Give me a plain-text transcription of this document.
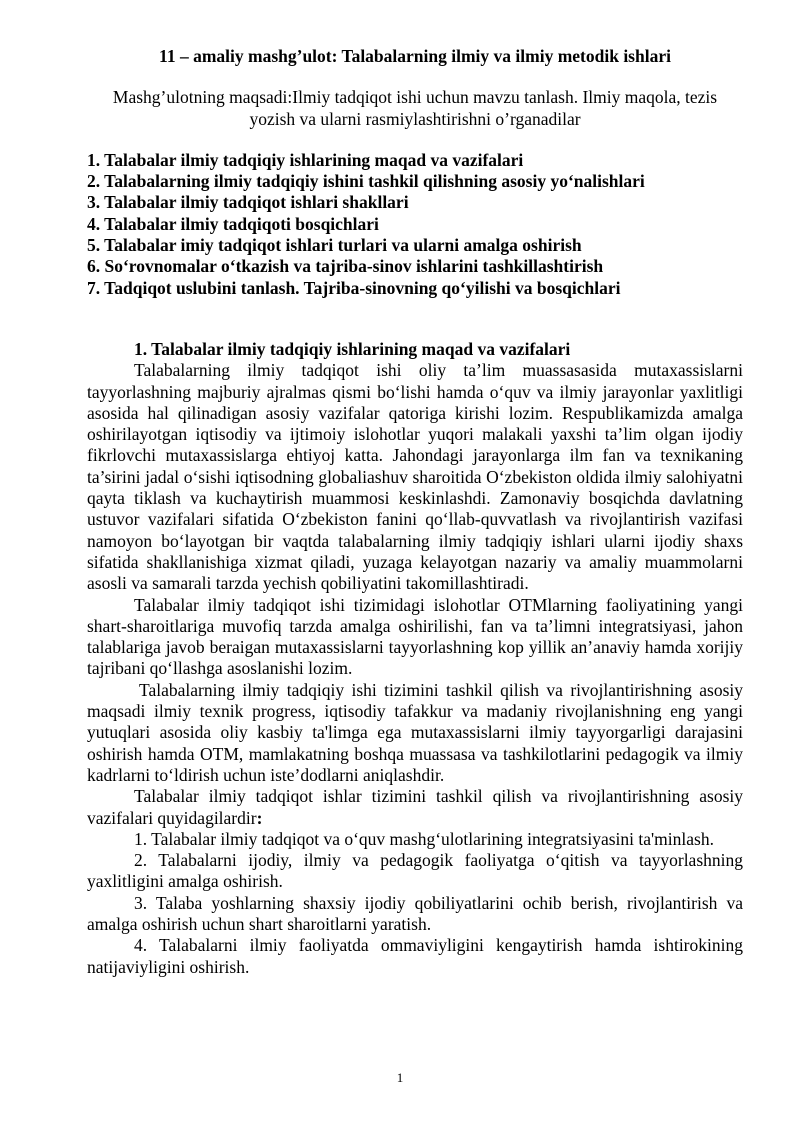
11 – amaliy mashg’ulot: Talabalarning ilmiy va ilmiy metodik ishlari
Mashg’ulotning maqsadi:Ilmiy tadqiqot ishi uchun mavzu tanlash. Ilmiy maqola, tezis yozish va ularni rasmiylashtirishni o’rganadilar
1. Talabalar ilmiy tadqiqiy ishlarining maqad va vazifalari
2. Talabalarning ilmiy tadqiqiy ishini tashkil qilishning asosiy yo‘nalishlari
3. Talabalar ilmiy tadqiqot ishlari shakllari
4. Talabalar ilmiy tadqiqoti bosqichlari
5. Talabalar imiy tadqiqot ishlari turlari va ularni amalga oshirish
6. So‘rovnomalar o‘tkazish va tajriba-sinov ishlarini tashkillashtirish
7. Tadqiqot uslubini tanlash. Tajriba-sinovning qo‘yilishi va bosqichlari
1. Talabalar ilmiy tadqiqiy ishlarining maqad va vazifalari

Talabalarning ilmiy tadqiqot ishi oliy ta’lim muassasasida mutaxassislarni tayyorlashning majburiy ajralmas qismi bo‘lishi hamda o‘quv va ilmiy jarayonlar yaxlitligi asosida hal qilinadigan asosiy vazifalar qatoriga kirishi lozim. Respublikamizda amalga oshirilayotgan iqtisodiy va ijtimoiy islohotlar yuqori malakali yaxshi ta’lim olgan ijodiy fikrlovchi mutaxassislarga ehtiyoj katta. Jahondagi jarayonlarga ilm fan va texnikaning ta’sirini jadal o‘sishi iqtisodning globaliashuv sharoitida O‘zbekiston oldida ilmiy salohiyatni qayta tiklash va kuchaytirish muammosi keskinlashdi. Zamonaviy bosqichda davlatning ustuvor vazifalari sifatida O‘zbekiston fanini qo‘llab-quvvatlash va rivojlantirish vazifasi namoyon bo‘layotgan bir vaqtda talabalarning ilmiy tadqiqiy ishlari ularni ijodiy shaxs sifatida shakllanishiga xizmat qiladi, yuzaga kelayotgan nazariy va amaliy muammolarni asosli va samarali tarzda yechish qobiliyatini takomillashtiradi.

Talabalar ilmiy tadqiqot ishi tizimidagi islohotlar OTMlarning faoliyatining yangi shart-sharoitlariga muvofiq tarzda amalga oshirilishi, fan va ta’limni integratsiyasi, jahon talablariga javob beraigan mutaxassislarni tayyorlashning kop yillik an’anaviy hamda xorijiy tajribani qo‘llashga asoslanishi lozim.

Talabalarning ilmiy tadqiqiy ishi tizimini tashkil qilish va rivojlantirishning asosiy maqsadi ilmiy texnik progress, iqtisodiy tafakkur va madaniy rivojlanishning eng yangi yutuqlari asosida oliy kasbiy ta'limga ega mutaxassislarni ilmiy tayyorgarligi darajasini oshirish hamda OTM, mamlakatning boshqa muassasa va tashkilotlarini pedagogik va ilmiy kadrlarni to‘ldirish uchun iste’dodlarni aniqlashdir.

Talabalar ilmiy tadqiqot ishlar tizimini tashkil qilish va rivojlantirishning asosiy vazifalari quyidagilardir:

1. Talabalar ilmiy tadqiqot va o‘quv mashg‘ulotlarining integratsiyasini ta'minlash.

2. Talabalarni ijodiy, ilmiy va pedagogik faoliyatga o‘qitish va tayyorlashning yaxlitligini amalga oshirish.

3. Talaba yoshlarning shaxsiy ijodiy qobiliyatlarini ochib berish, rivojlantirish va amalga oshirish uchun shart sharoitlarni yaratish.

4. Talabalarni ilmiy faoliyatda ommaviyligini kengaytirish hamda ishtirokining natijaviyligini oshirish.

1
